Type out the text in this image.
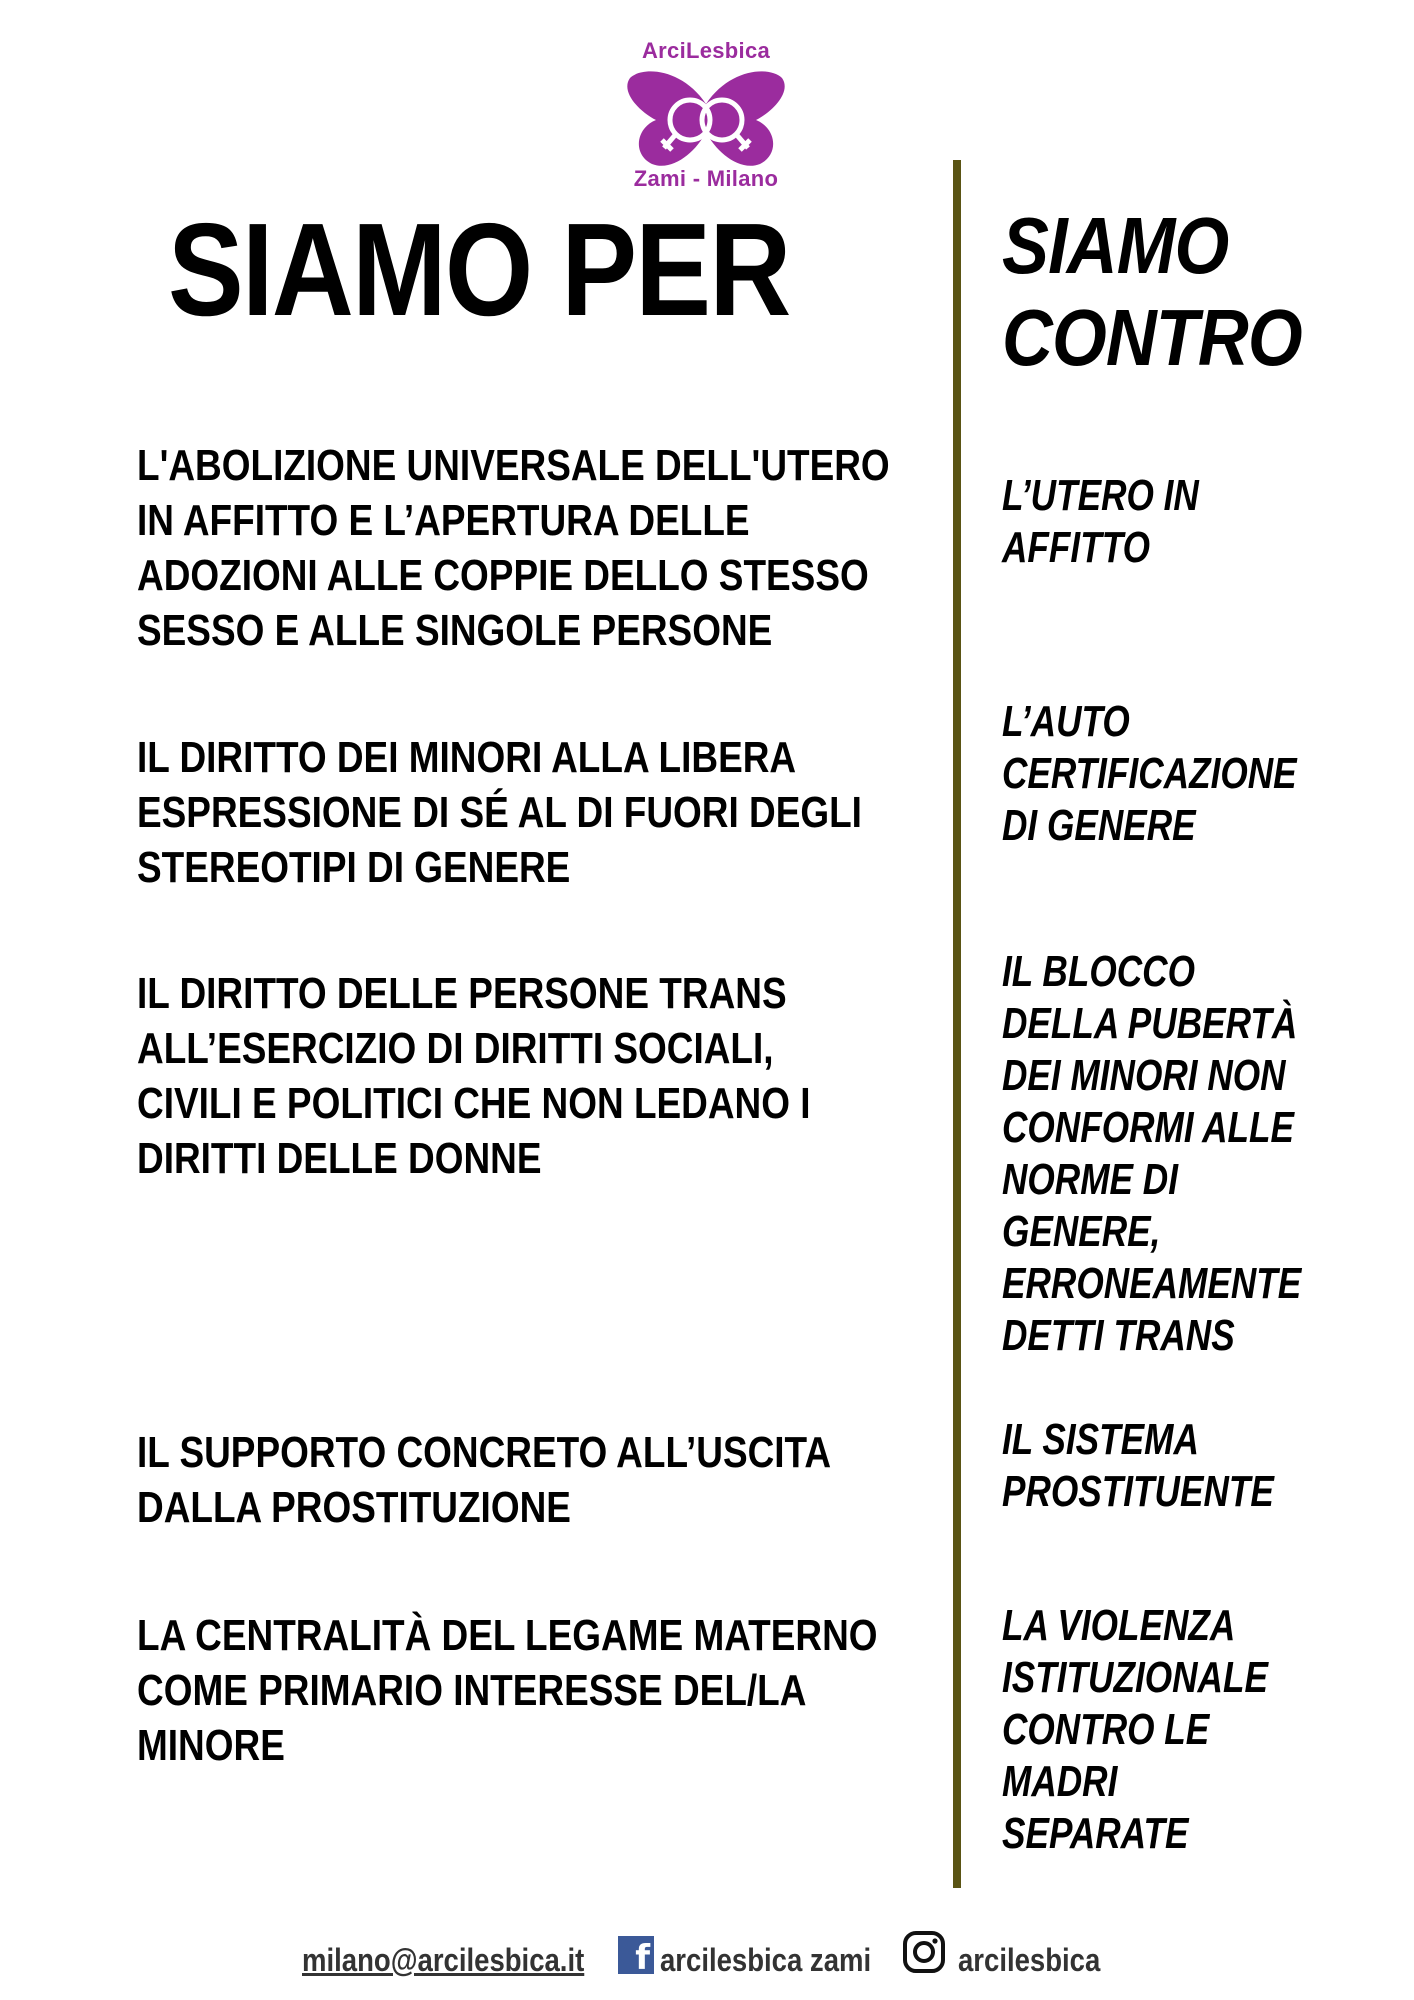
ArciLesbica
Zami - Milano
SIAMO PER	SIAMO
CONTRO
L'ABOLIZIONE UNIVERSALE DELL'UTERO
IN AFFITTO E L’APERTURA DELLE
ADOZIONI ALLE COPPIE DELLO STESSO
SESSO E ALLE SINGOLE PERSONE
IL DIRITTO DEI MINORI ALLA LIBERA
ESPRESSIONE DI SÉ AL DI FUORI DEGLI
STEREOTIPI DI GENERE
IL DIRITTO DELLE PERSONE TRANS
ALL’ESERCIZIO DI DIRITTI SOCIALI,
CIVILI E POLITICI CHE NON LEDANO I
DIRITTI DELLE DONNE
IL SUPPORTO CONCRETO ALL’USCITA
DALLA PROSTITUZIONE
LA CENTRALITÀ DEL LEGAME MATERNO
COME PRIMARIO INTERESSE DEL/LA
MINORE
L’UTERO IN
AFFITTO
L’AUTO
CERTIFICAZIONE
DI GENERE
IL BLOCCO
DELLA PUBERTÀ
DEI MINORI NON
CONFORMI ALLE
NORME DI
GENERE,
ERRONEAMENTE
DETTI TRANS
IL SISTEMA
PROSTITUENTE
LA VIOLENZA
ISTITUZIONALE
CONTRO LE
MADRI
SEPARATE
milano@arcilesbica.it	f arcilesbica zami	arcilesbica
